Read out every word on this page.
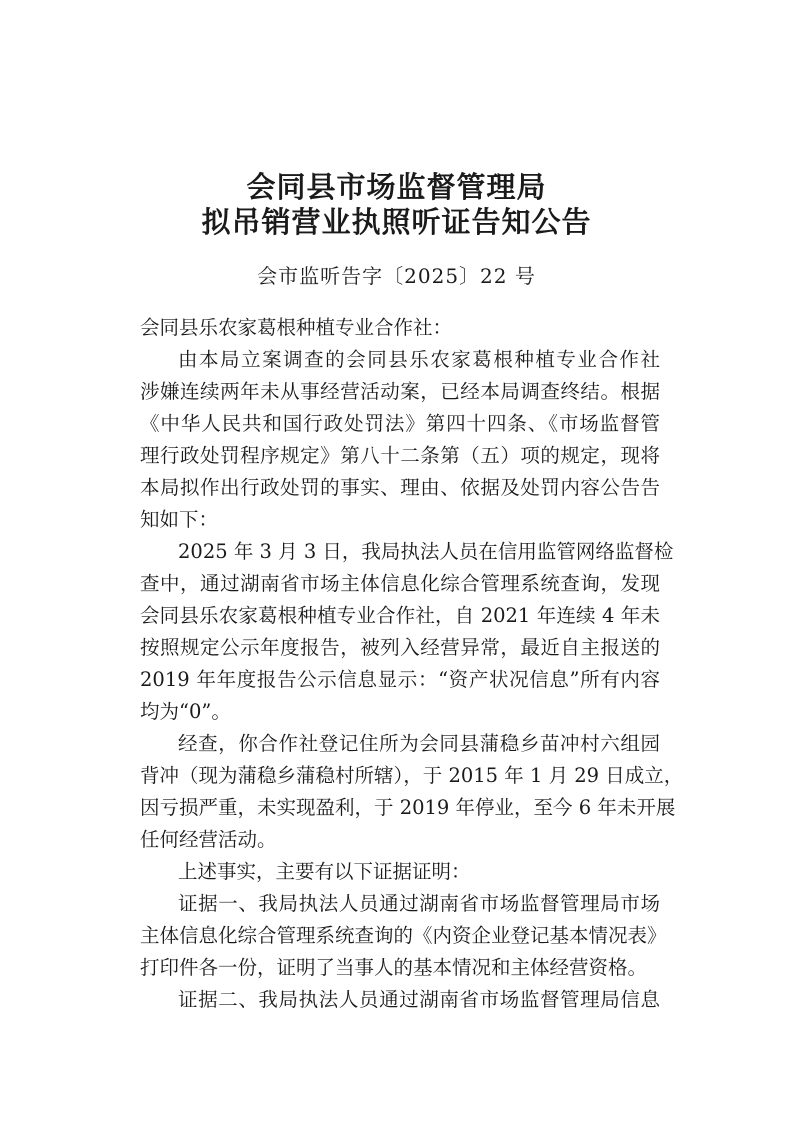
会同县市场监督管理局
拟吊销营业执照听证告知公告
会市监听告字〔2025〕22 号
会同县乐农家葛根种植专业合作社：
由本局立案调查的会同县乐农家葛根种植专业合作社
涉嫌连续两年未从事经营活动案，已经本局调查终结。根据
《中华人民共和国行政处罚法》第四十四条、《市场监督管
理行政处罚程序规定》第八十二条第（五）项的规定，现将
本局拟作出行政处罚的事实、理由、依据及处罚内容公告告
知如下：
2025 年 3 月 3 日，我局执法人员在信用监管网络监督检
查中，通过湖南省市场主体信息化综合管理系统查询，发现
会同县乐农家葛根种植专业合作社，自 2021 年连续 4 年未
按照规定公示年度报告，被列入经营异常，最近自主报送的
2019 年年度报告公示信息显示：“资产状况信息”所有内容
均为“0”。
经查，你合作社登记住所为会同县蒲稳乡苗冲村六组园
背冲（现为蒲稳乡蒲稳村所辖），于 2015 年 1 月 29 日成立，
因亏损严重，未实现盈利，于 2019 年停业，至今 6 年未开展
任何经营活动。
上述事实，主要有以下证据证明：
证据一、我局执法人员通过湖南省市场监督管理局市场
主体信息化综合管理系统查询的《内资企业登记基本情况表》
打印件各一份，证明了当事人的基本情况和主体经营资格。
证据二、我局执法人员通过湖南省市场监督管理局信息
